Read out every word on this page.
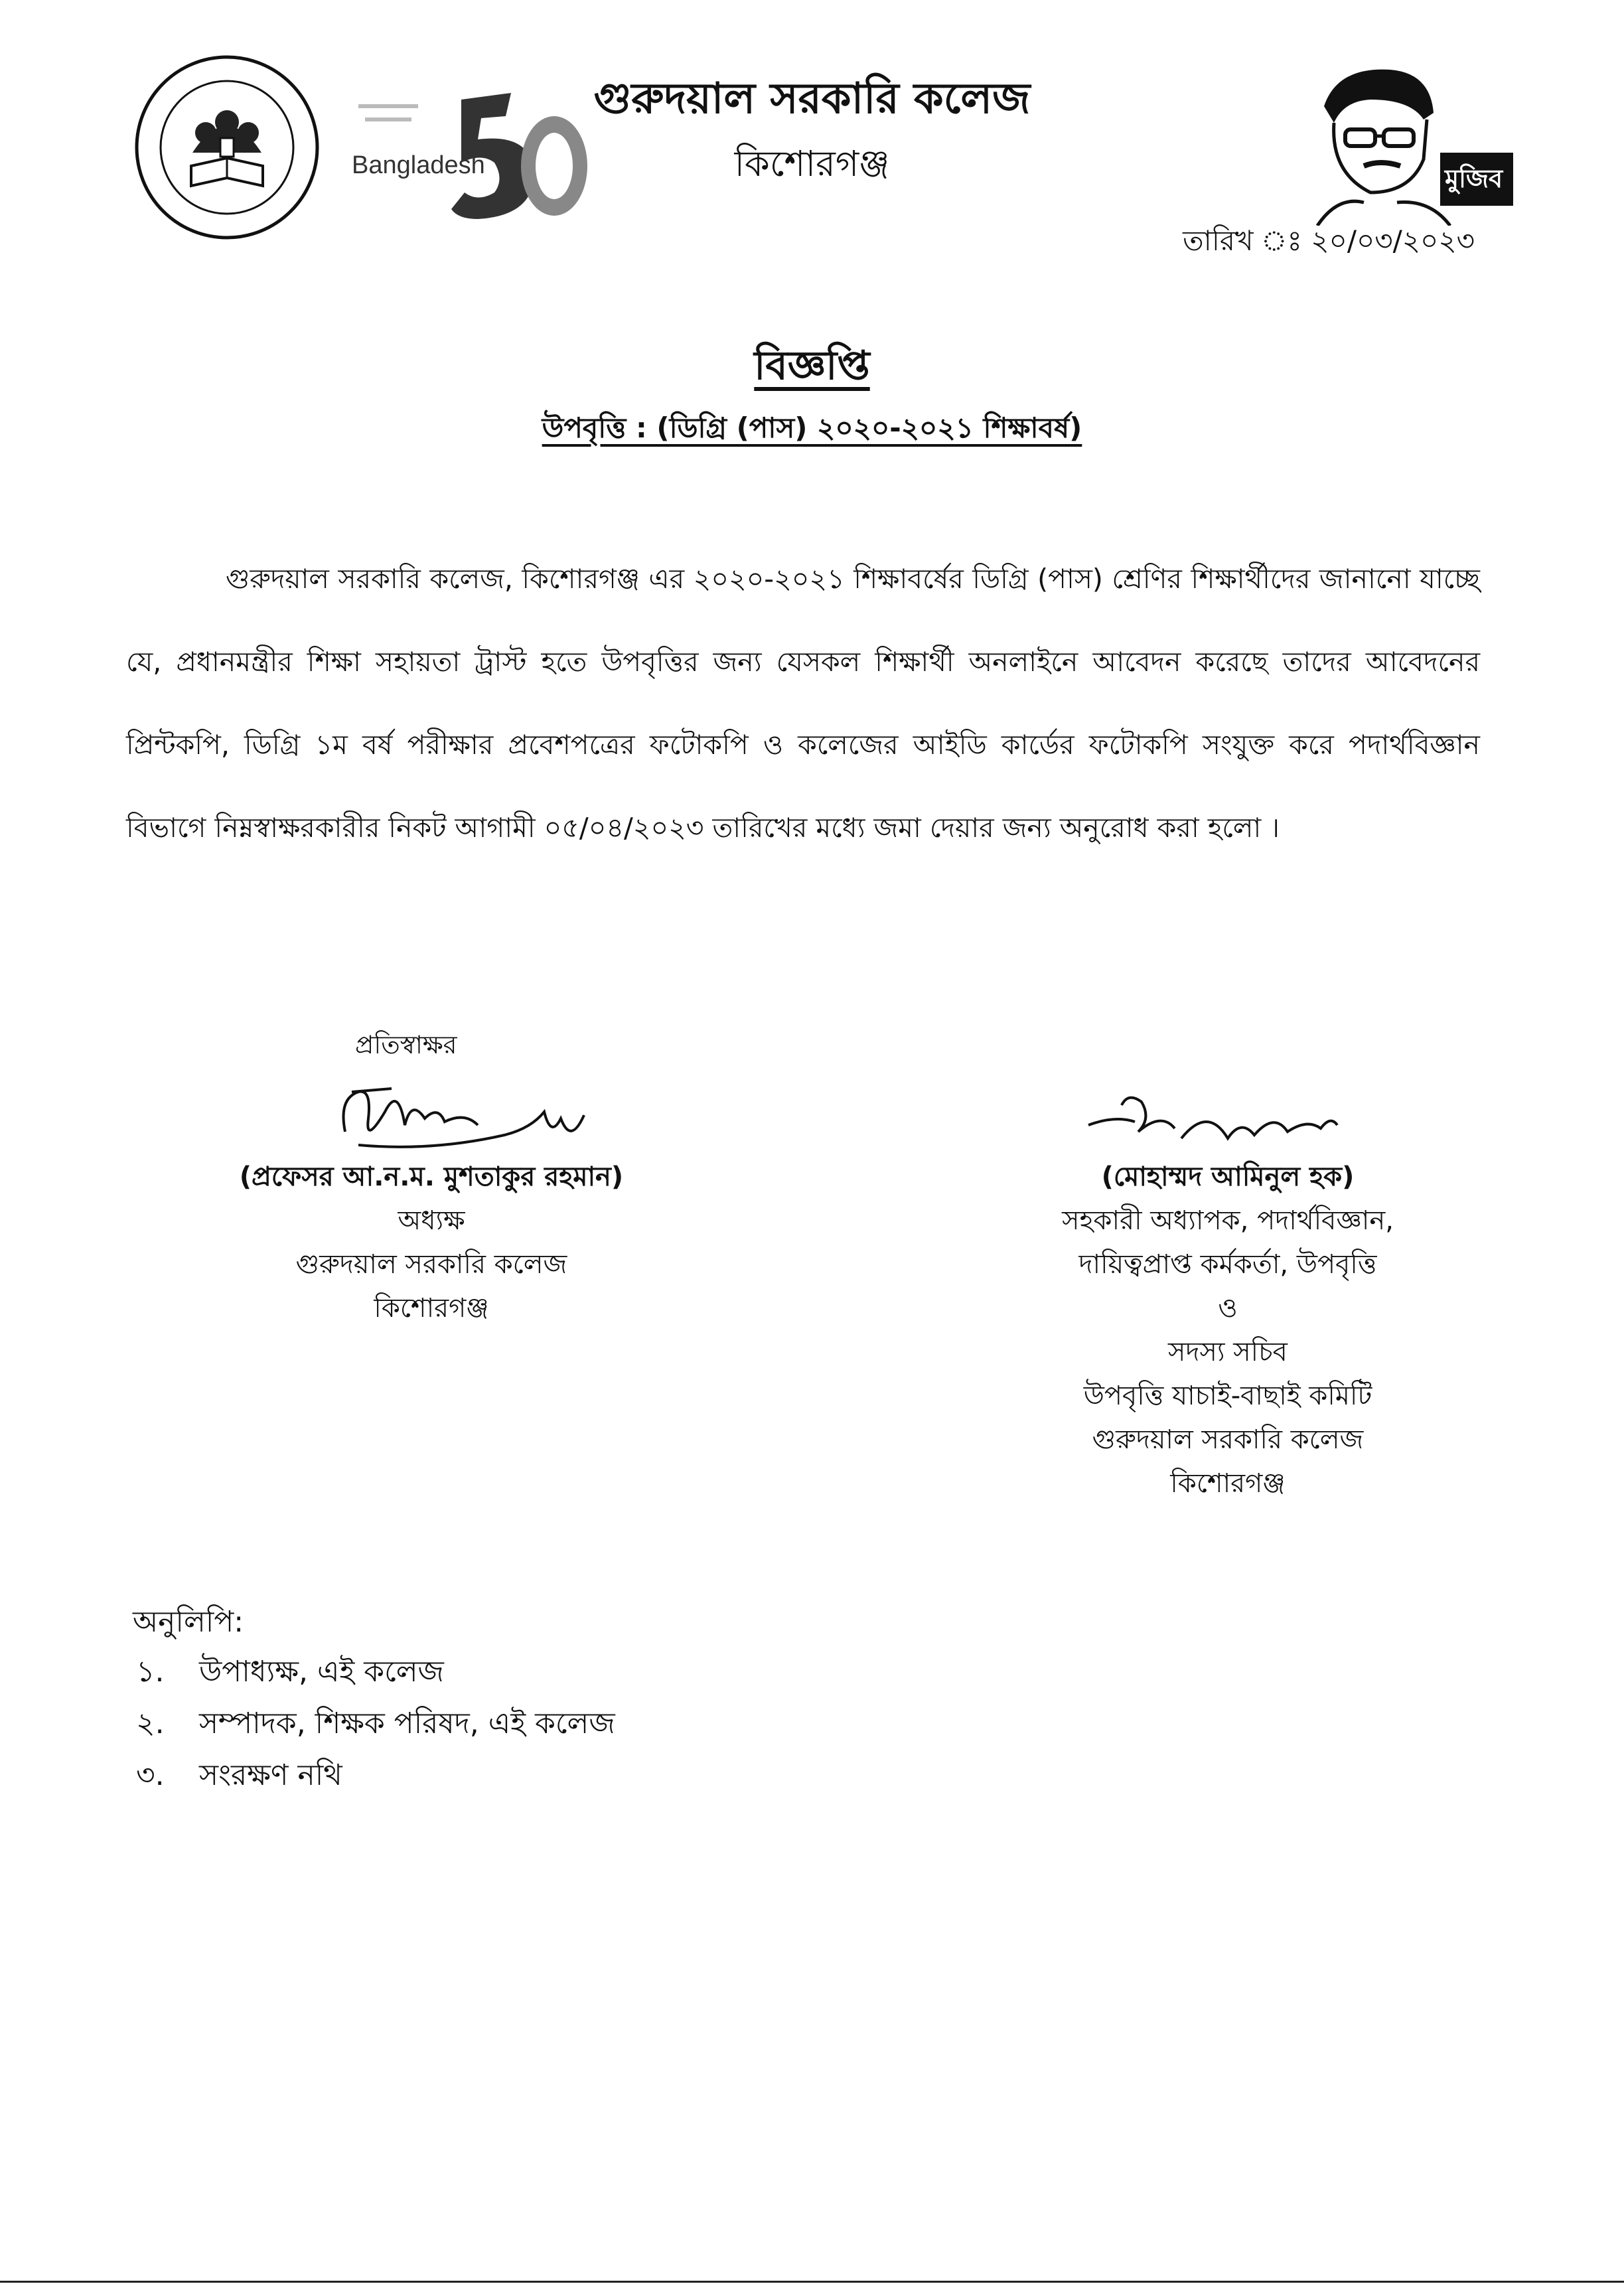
Bangladesh	মুজিব
গুরুদয়াল সরকারি কলেজ
কিশোরগঞ্জ
তারিখ ঃ ২০/০৩/২০২৩
বিজ্ঞপ্তি
উপবৃত্তি : (ডিগ্রি (পাস) ২০২০-২০২১ শিক্ষাবর্ষ)

গুরুদয়াল সরকারি কলেজ, কিশোরগঞ্জ এর ২০২০-২০২১ শিক্ষাবর্ষের ডিগ্রি (পাস) শ্রেণির শিক্ষার্থীদের জানানো যাচ্ছে যে, প্রধানমন্ত্রীর শিক্ষা সহায়তা ট্রাস্ট হতে উপবৃত্তির জন্য যেসকল শিক্ষার্থী অনলাইনে আবেদন করেছে তাদের আবেদনের প্রিন্টকপি, ডিগ্রি ১ম বর্ষ পরীক্ষার প্রবেশপত্রের ফটোকপি ও কলেজের আইডি কার্ডের ফটোকপি সংযুক্ত করে পদার্থবিজ্ঞান বিভাগে নিম্নস্বাক্ষরকারীর নিকট আগামী ০৫/০৪/২০২৩ তারিখের মধ্যে জমা দেয়ার জন্য অনুরোধ করা হলো ।

প্রতিস্বাক্ষর
(প্রফেসর আ.ন.ম. মুশতাকুর রহমান)
অধ্যক্ষ
গুরুদয়াল সরকারি কলেজ
কিশোরগঞ্জ
(মোহাম্মদ আমিনুল হক)
সহকারী অধ্যাপক, পদার্থবিজ্ঞান,
দায়িত্বপ্রাপ্ত কর্মকর্তা, উপবৃত্তি
ও
সদস্য সচিব
উপবৃত্তি যাচাই-বাছাই কমিটি
গুরুদয়াল সরকারি কলেজ
কিশোরগঞ্জ
অনুলিপি:
১. উপাধ্যক্ষ, এই কলেজ
২. সম্পাদক, শিক্ষক পরিষদ, এই কলেজ
৩. সংরক্ষণ নথি
